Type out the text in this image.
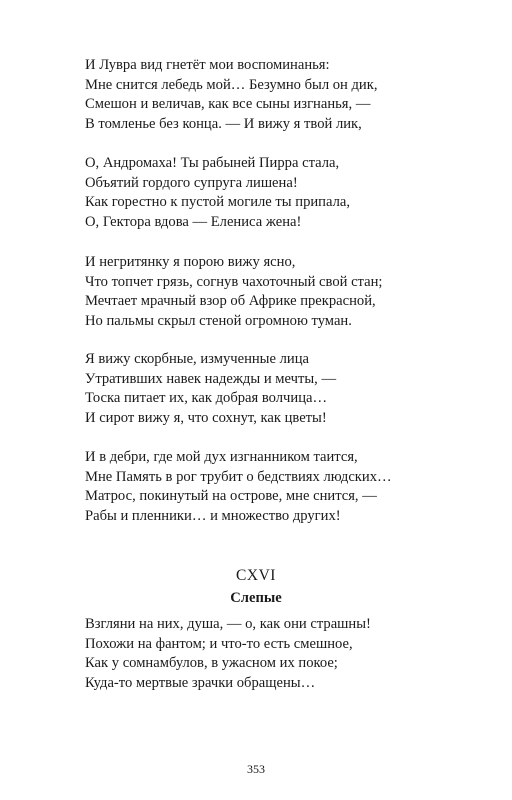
И Лувра вид гнетёт мои воспоминанья:
Мне снится лебедь мой… Безумно был он дик,
Смешон и величав, как все сыны изгнанья, —
В томленье без конца. — И вижу я твой лик,
О, Андромаха! Ты рабыней Пирра стала,
Объятий гордого супруга лишена!
Как горестно к пустой могиле ты припала,
О, Гектора вдова — Елениса жена!
И негритянку я порою вижу ясно,
Что топчет грязь, согнув чахоточный свой стан;
Мечтает мрачный взор об Африке прекрасной,
Но пальмы скрыл стеной огромною туман.
Я вижу скорбные, измученные лица
Утративших навек надежды и мечты, —
Тоска питает их, как добрая волчица…
И сирот вижу я, что сохнут, как цветы!
И в дебри, где мой дух изгнанником таится,
Мне Память в рог трубит о бедствиях людских…
Матрос, покинутый на острове, мне снится, —
Рабы и пленники… и множество других!
CXVI
Слепые
Взгляни на них, душа, — о, как они страшны!
Похожи на фантом; и что-то есть смешное,
Как у сомнамбулов, в ужасном их покое;
Куда-то мертвые зрачки обращены…
353
